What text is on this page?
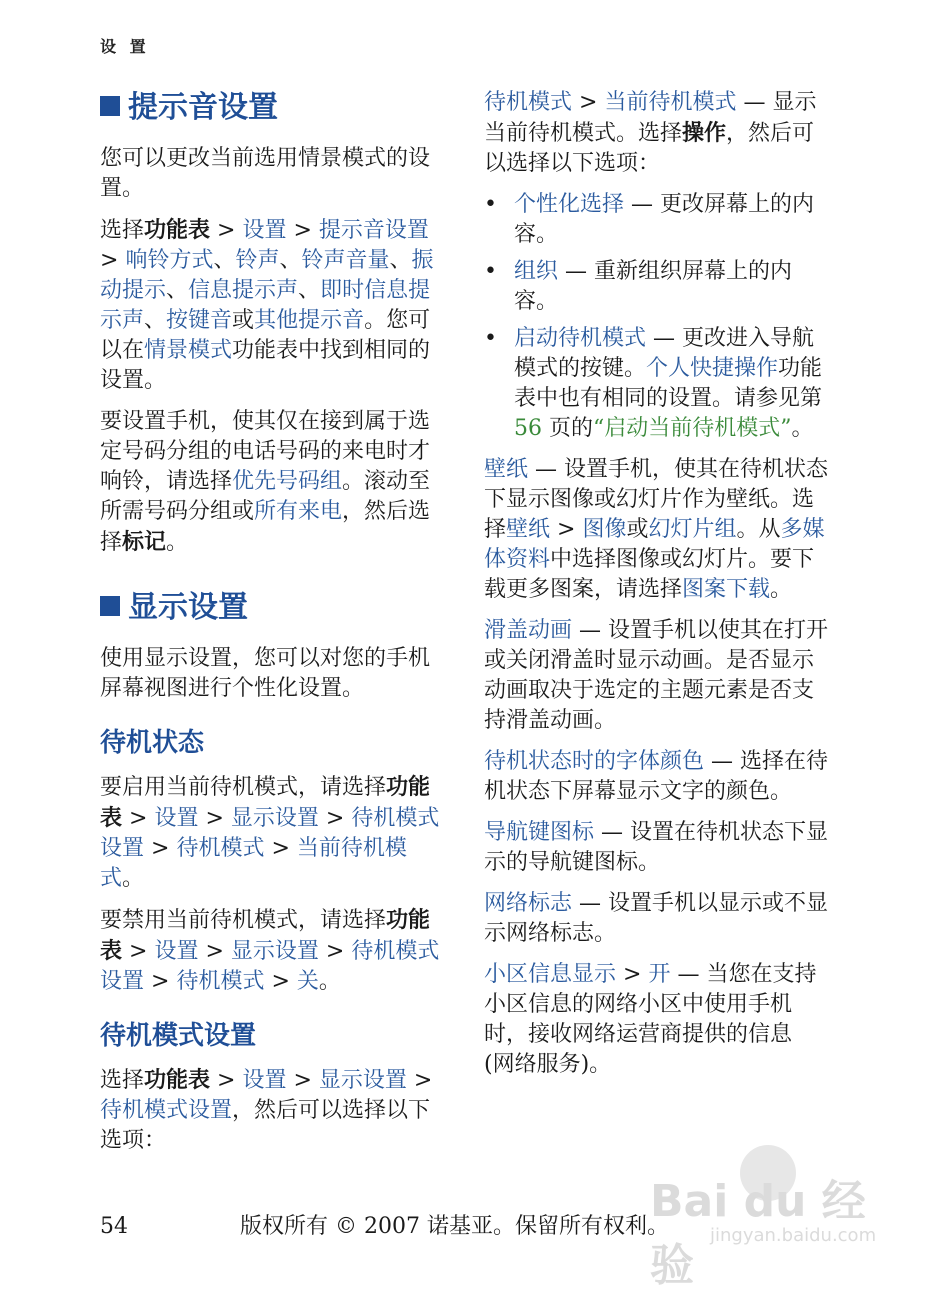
设 置
提示音设置

您可以更改当前选用情景模式的设置。

选择功能表 > 设置 > 提示音设置 > 响铃方式、铃声、铃声音量、振动提示、信息提示声、即时信息提示声、按键音或其他提示音。您可以在情景模式功能表中找到相同的设置。

要设置手机，使其仅在接到属于选定号码分组的电话号码的来电时才响铃，请选择优先号码组。滚动至所需号码分组或所有来电，然后选择标记。

显示设置

使用显示设置，您可以对您的手机屏幕视图进行个性化设置。

待机状态

要启用当前待机模式，请选择功能表 > 设置 > 显示设置 > 待机模式设置 > 待机模式 > 当前待机模式。

要禁用当前待机模式，请选择功能表 > 设置 > 显示设置 > 待机模式设置 > 待机模式 > 关。

待机模式设置

选择功能表 > 设置 > 显示设置 > 待机模式设置，然后可以选择以下选项：

待机模式 > 当前待机模式 — 显示当前待机模式。选择操作，然后可以选择以下选项：

• 个性化选择 — 更改屏幕上的内容。
• 组织 — 重新组织屏幕上的内容。
• 启动待机模式 — 更改进入导航模式的按键。个人快捷操作功能表中也有相同的设置。请参见第 56 页的“启动当前待机模式”。

壁纸 — 设置手机，使其在待机状态下显示图像或幻灯片作为壁纸。选择壁纸 > 图像或幻灯片组。从多媒体资料中选择图像或幻灯片。要下载更多图案，请选择图案下载。

滑盖动画 — 设置手机以使其在打开或关闭滑盖时显示动画。是否显示动画取决于选定的主题元素是否支持滑盖动画。

待机状态时的字体颜色 — 选择在待机状态下屏幕显示文字的颜色。

导航键图标 — 设置在待机状态下显示的导航键图标。

网络标志 — 设置手机以显示或不显示网络标志。

小区信息显示 > 开 — 当您在支持小区信息的网络小区中使用手机时，接收网络运营商提供的信息 (网络服务)。

54	版权所有 © 2007 诺基亚。保留所有权利。
Bai du 经验
jingyan.baidu.com
